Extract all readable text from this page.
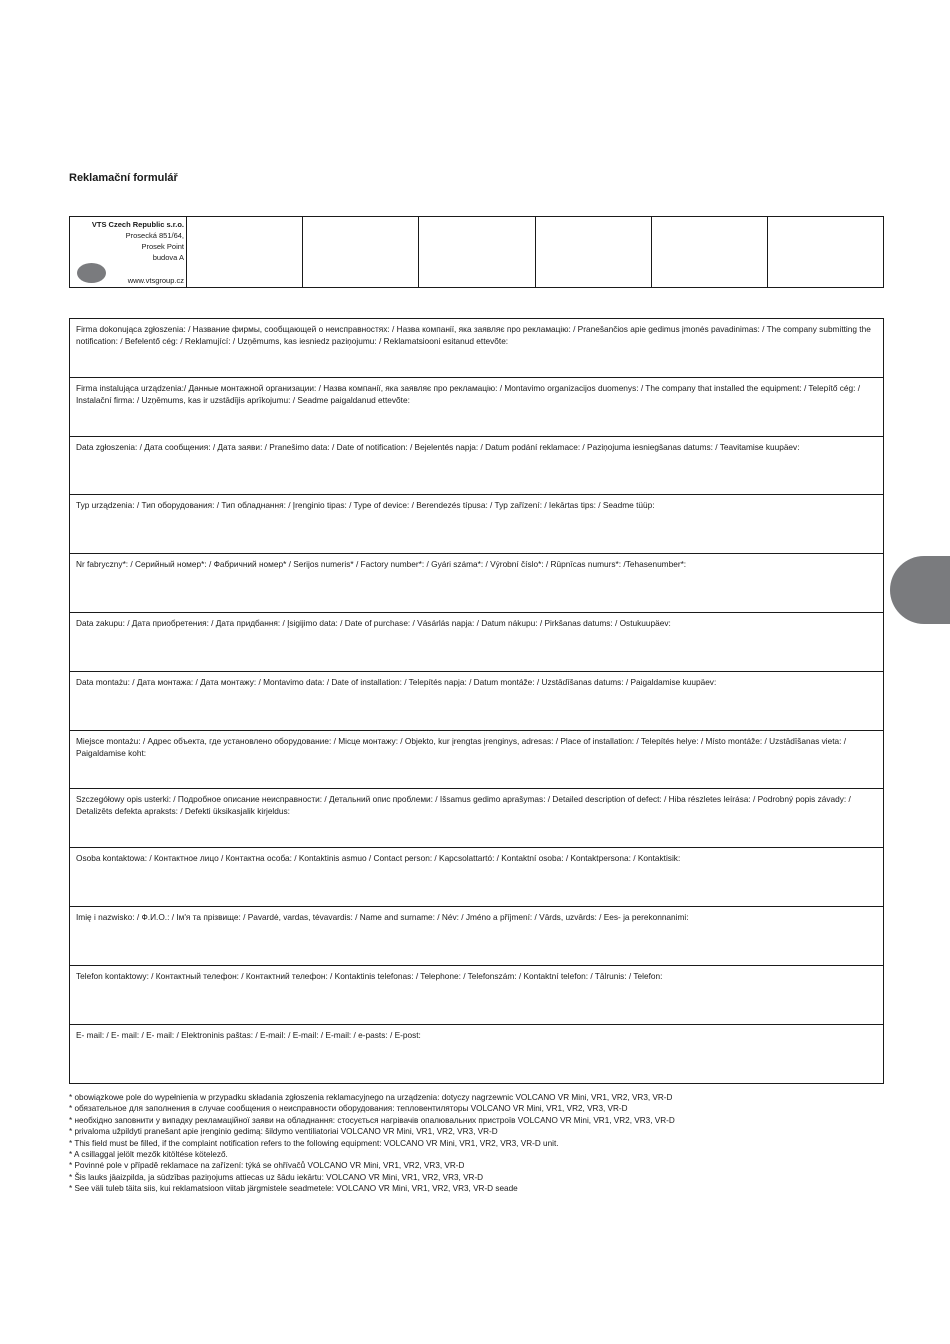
Reklamační formulář
VTS Czech Republic s.r.o.
Prosecká 851/64,
Prosek Point
budova A
www.vtsgroup.cz
Firma dokonująca zgłoszenia: / Название фирмы, сообщающей о неисправностях: / Назва компанії, яка заявляє про рекламацію: / Pranešančios apie gedimus įmonės pavadinimas: / The company submitting the notification: / Befelentő cég: / Reklamující: / Uzņēmums, kas iesniedz paziņojumu: / Reklamatsiooni esitanud ettevõte:
Firma instalująca urządzenia:/ Данные монтажной организации: / Назва компанії, яка заявляє про рекламацію: / Montavimo organizacijos duomenys: / The company that installed the equipment: / Telepítő cég: / Instalační firma: / Uzņēmums, kas ir uzstādījis aprīkojumu: / Seadme paigaldanud ettevõte:
Data zgłoszenia: / Дата сообщения: / Дата заяви: / Pranešimo data: / Date of notification: / Bejelentés napja: / Datum podání reklamace: / Paziņojuma iesniegšanas datums: / Teavitamise kuupäev:
Typ urządzenia: / Тип оборудования: / Тип обладнання: / Įrenginio tipas: / Type of device: / Berendezés típusa: / Typ zařízení: / Iekārtas tips: / Seadme tüüp:
Nr fabryczny*: / Серийный номер*: / Фабричний номер* / Serijos numeris* / Factory number*: / Gyári száma*: / Výrobní číslo*: / Rūpnīcas numurs*: /Tehasenumber*:
Data zakupu: / Дата приобретения: / Дата придбання: / Įsigijimo data: / Date of purchase: / Vásárlás napja: / Datum nákupu: / Pirkšanas datums: / Ostukuupäev:
Data montażu: / Дата монтажа: / Дата монтажу: / Montavimo data: / Date of installation: / Telepítés napja: / Datum montáže: / Uzstādīšanas datums: / Paigaldamise kuupäev:
Miejsce montażu: / Адрес объекта, где установлено оборудование: / Місце монтажу: / Objekto, kur įrengtas įrenginys, adresas: / Place of installation: / Telepítés helye: / Místo montáže: / Uzstādīšanas vieta: / Paigaldamise koht:
Szczegółowy opis usterki: / Подробное описание неисправности: / Детальний опис проблеми: / Išsamus gedimo aprašymas: / Detailed description of defect: / Hiba részletes leírása: / Podrobný popis závady: / Detalizēts defekta apraksts: / Defekti üksikasjalik kirjeldus:
Osoba kontaktowa: / Контактное лицо / Контактна особа: / Kontaktinis asmuo / Contact person: / Kapcsolattartó: / Kontaktní osoba: / Kontaktpersona: / Kontaktisik:
Imię i nazwisko: / Ф.И.О.: / Ім'я та прізвище: / Pavardė, vardas, tėvavardis: / Name and surname: / Név: / Jméno a příjmení: / Vārds, uzvārds: / Ees- ja perekonnanimi:
Telefon kontaktowy: / Контактный телефон: / Контактний телефон: / Kontaktinis telefonas: / Telephone: / Telefonszám: / Kontaktní telefon: / Tālrunis: / Telefon:
E- mail: / E- mail: / E- mail: / Elektroninis paštas: / E-mail: / E-mail: / E-mail: / e-pasts: / E-post:
* obowiązkowe pole do wypełnienia w przypadku składania zgłoszenia reklamacyjnego na urządzenia: dotyczy nagrzewnic VOLCANO VR Mini, VR1, VR2, VR3, VR-D
* обязательное для заполнения в случае сообщения о неисправности оборудования: тепловентиляторы VOLCANO VR Mini, VR1, VR2, VR3, VR-D
* необхідно заповнити у випадку рекламаційної заяви на обладнання: стосується нагрівачів опалювальних пристроїв VOLCANO VR Mini, VR1, VR2, VR3, VR-D
* privaloma užpildyti pranešant apie įrenginio gedimą: šildymo ventiliatoriai VOLCANO VR Mini, VR1, VR2, VR3, VR-D
* This field must be filled, if the complaint notification refers to the following equipment: VOLCANO VR Mini, VR1, VR2, VR3, VR-D unit.
* A csillaggal jelölt mezők kitöltése kötelező.
* Povinné pole v případě reklamace na zařízení: týká se ohřívačů VOLCANO VR Mini, VR1, VR2, VR3, VR-D
* Šis lauks jāaizpilda, ja sūdzības paziņojums attiecas uz šādu iekārtu: VOLCANO VR Mini, VR1, VR2, VR3, VR-D
* See väli tuleb täita siis, kui reklamatsioon viitab järgmistele seadmetele: VOLCANO VR Mini, VR1, VR2, VR3, VR-D seade
